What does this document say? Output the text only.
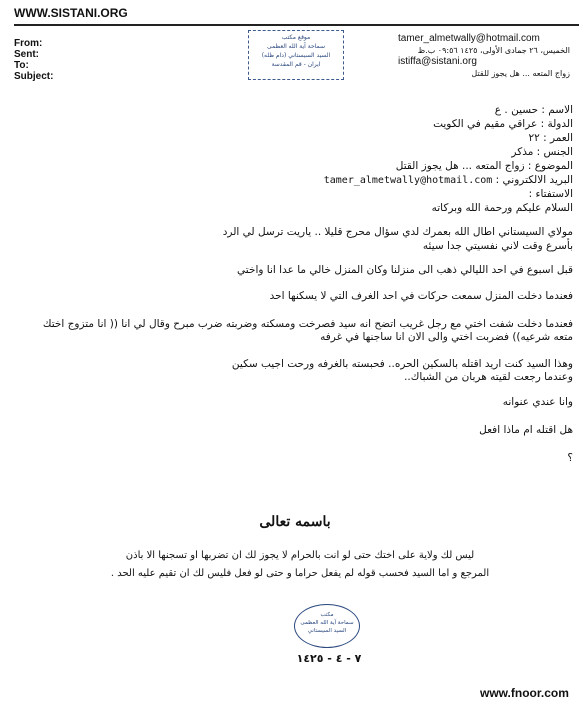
WWW.SISTANI.ORG
From:
Sent:
To:
Subject:
موقع مكتب
سماحة آية الله العظمى
السيد السيستاني (دام ظله)
ايران - قم المقدسة
tamer_almetwally@hotmail.com
الخميس، ٢٦ جمادى الأولى، ١٤٢٥ ٠٩:٥٦ ب.ظ
istiffa@sistani.org
زواج المتعه ... هل يجوز للقتل
الاسم : حسين . ع
الدولة : عراقي مقيم في الكويت
العمر : ٢٢
الجنس : مذكر
الموضوع : زواج المتعه ... هل يجوز القتل
البريد الالكتروني : tamer_almetwally@hotmail.com
الاستفتاء :
السلام عليكم ورحمة الله وبركاته
مولاي السيستاني اطال الله بعمرك لدي سؤال محرج قليلا .. ياريت ترسل لي الرد
بأسرع وقت لاني نفسيتي جدا سيئه
قبل اسبوع في احد الليالي ذهب الى منزلنا وكان المنزل خالي ما عدا انا واختي
فعندما دخلت المنزل سمعت حركات في احد الغرف التي لا يسكنها احد
فعندما دخلت شفت اختي مع رجل غريب اتضح انه سيد فصرخت ومسكته وضربته ضرب مبرح وقال لي انا (( انا متزوج اختك متعه شرعيه)) فضربت اختي والى الان انا ساجنها في غرفه
وهذا السيد كنت اريد اقتله بالسكين الحره.. فحبسته بالغرفه ورحت اجيب سكين
وعندما رجعت لقيته هربان من الشباك..
وانا عندي عنوانه
هل اقتله ام ماذا افعل
؟
باسمه تعالى
ليس لك ولاية على اختك حتى لو انت بالحرام لا يجوز لك ان تضربها او تسجنها الا باذن
المرجع و اما السيد فحسب قوله لم يفعل حراما و حتى لو فعل فليس لك ان تقيم عليه الحد .
مكتب
سماحة آية الله العظمى
السيد السيستاني
٧ - ٤ - ١٤٢٥
www.fnoor.com
